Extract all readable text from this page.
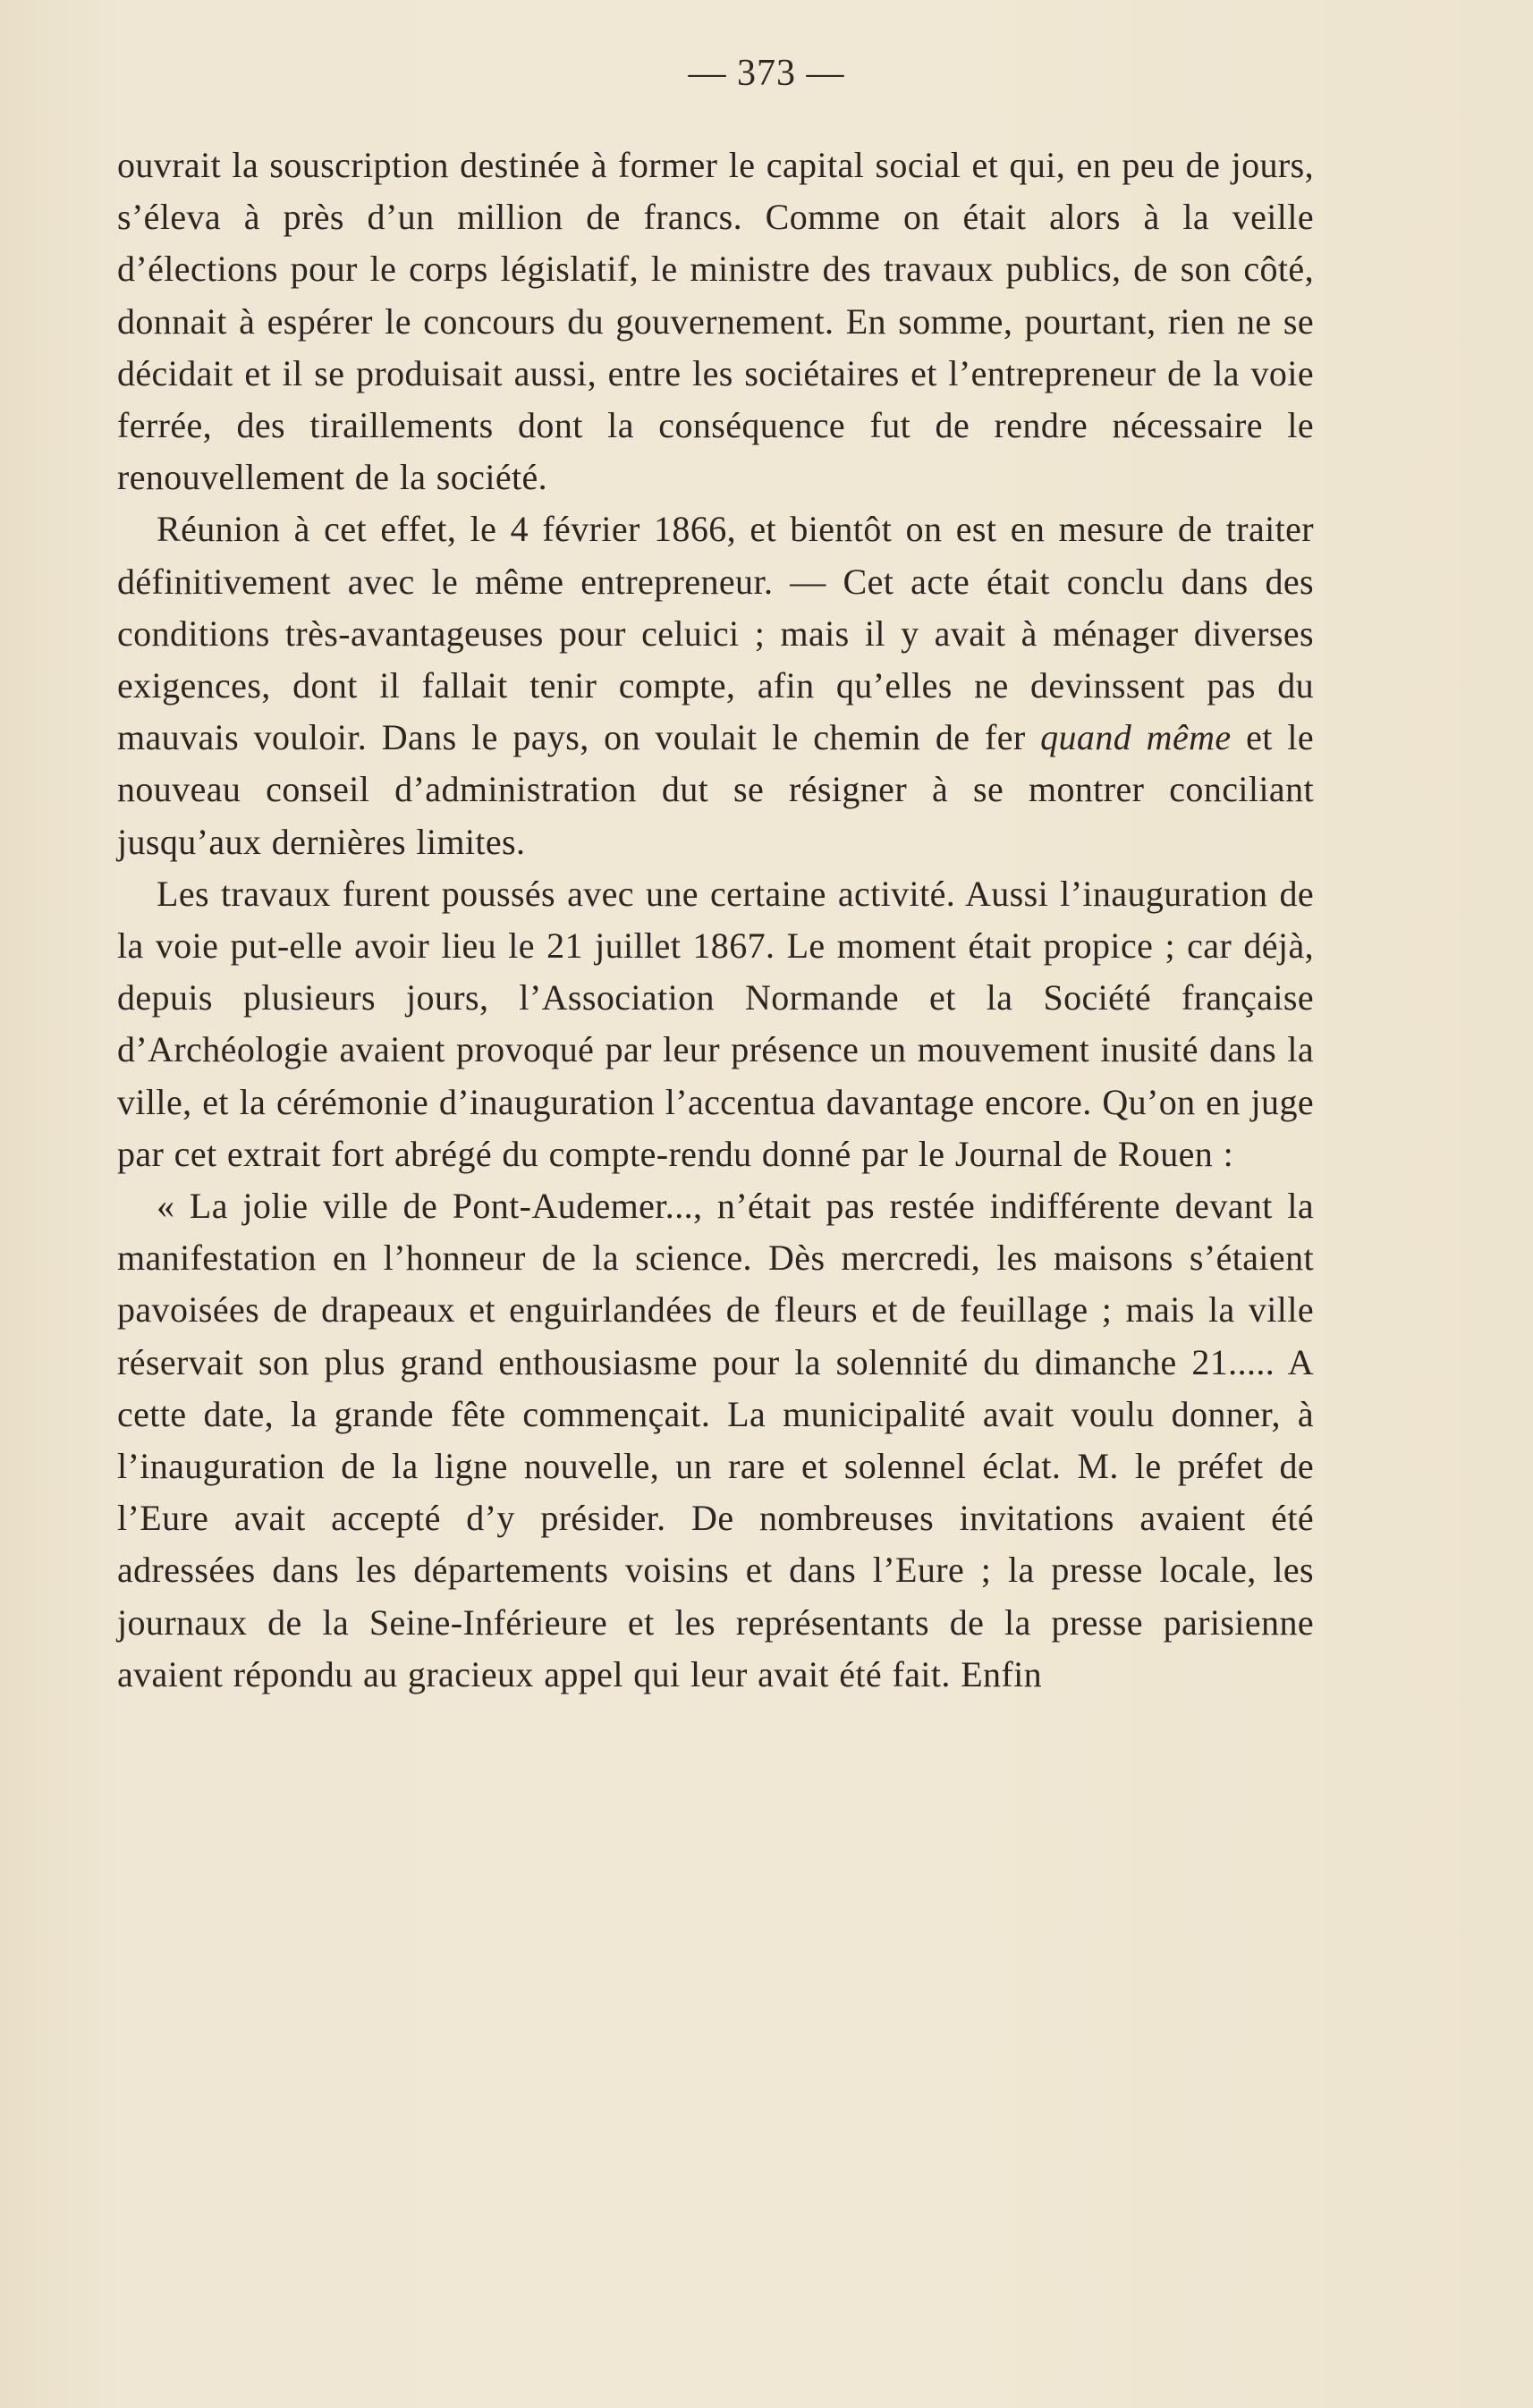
— 373 —

ouvrait la souscription destinée à former le capital social et qui, en peu de jours, s’éleva à près d’un million de francs. Comme on était alors à la veille d’élections pour le corps législatif, le ministre des travaux publics, de son côté, donnait à espérer le concours du gouvernement. En somme, pourtant, rien ne se décidait et il se produisait aussi, entre les sociétaires et l’entrepreneur de la voie ferrée, des tiraillements dont la conséquence fut de rendre nécessaire le renouvellement de la société.

Réunion à cet effet, le 4 février 1866, et bientôt on est en mesure de traiter définitivement avec le même entrepreneur. — Cet acte était conclu dans des conditions très-avantageuses pour celuici ; mais il y avait à ménager diverses exigences, dont il fallait tenir compte, afin qu’elles ne devinssent pas du mauvais vouloir. Dans le pays, on voulait le chemin de fer quand même et le nouveau conseil d’administration dut se résigner à se montrer conciliant jusqu’aux dernières limites.

Les travaux furent poussés avec une certaine activité. Aussi l’inauguration de la voie put-elle avoir lieu le 21 juillet 1867. Le moment était propice ; car déjà, depuis plusieurs jours, l’Association Normande et la Société française d’Archéologie avaient provoqué par leur présence un mouvement inusité dans la ville, et la cérémonie d’inauguration l’accentua davantage encore. Qu’on en juge par cet extrait fort abrégé du compte-rendu donné par le Journal de Rouen :

« La jolie ville de Pont-Audemer..., n’était pas restée indifférente devant la manifestation en l’honneur de la science. Dès mercredi, les maisons s’étaient pavoisées de drapeaux et enguirlandées de fleurs et de feuillage ; mais la ville réservait son plus grand enthousiasme pour la solennité du dimanche 21..... A cette date, la grande fête commençait. La municipalité avait voulu donner, à l’inauguration de la ligne nouvelle, un rare et solennel éclat. M. le préfet de l’Eure avait accepté d’y présider. De nombreuses invitations avaient été adressées dans les départements voisins et dans l’Eure ; la presse locale, les journaux de la Seine-Inférieure et les représentants de la presse parisienne avaient répondu au gracieux appel qui leur avait été fait. Enfin
